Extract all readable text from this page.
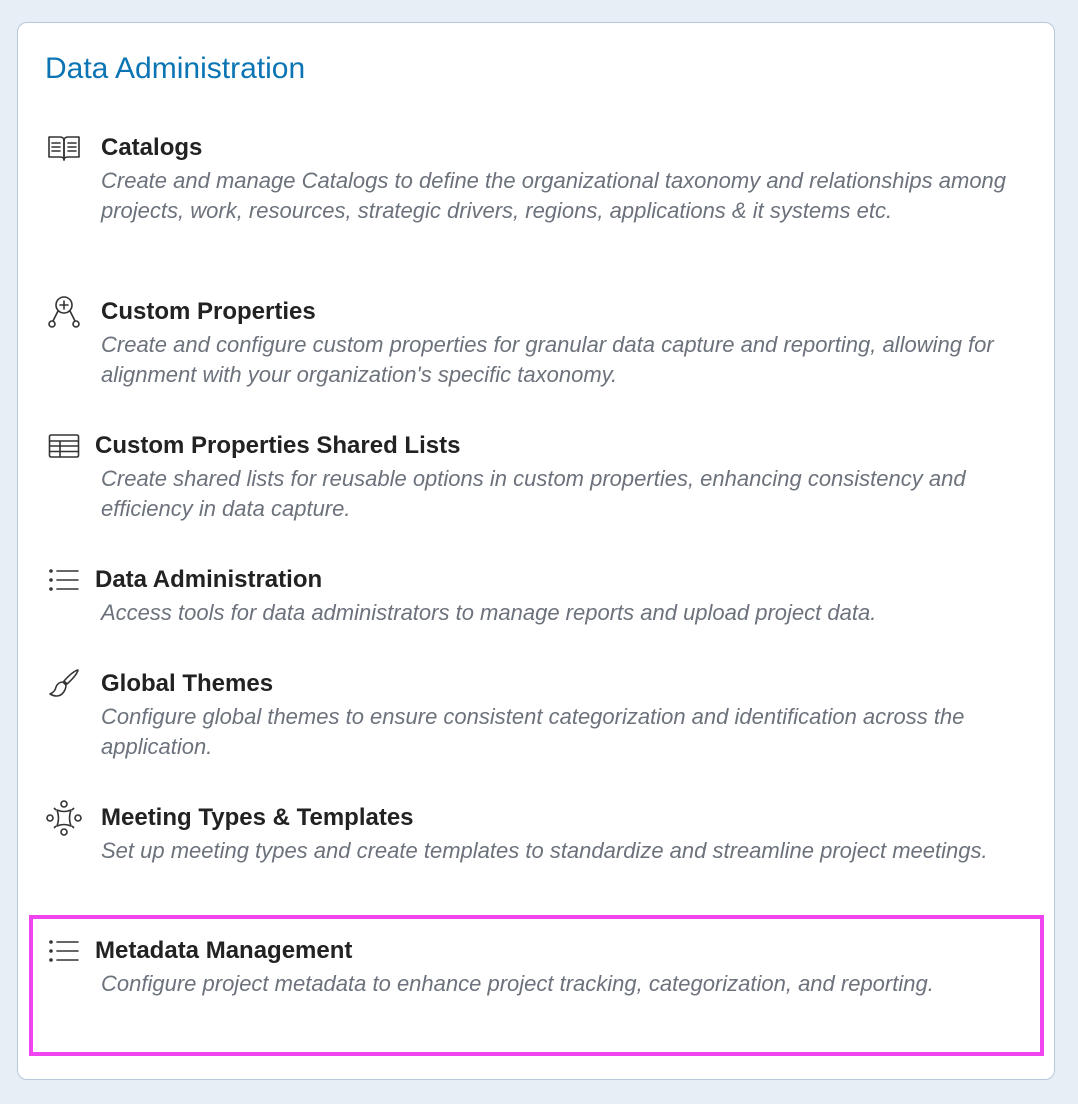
Data Administration
Catalogs
Create and manage Catalogs to define the organizational taxonomy and relationships among projects, work, resources, strategic drivers, regions, applications & it systems etc.
Custom Properties
Create and configure custom properties for granular data capture and reporting, allowing for alignment with your organization's specific taxonomy.
Custom Properties Shared Lists
Create shared lists for reusable options in custom properties, enhancing consistency and efficiency in data capture.
Data Administration
Access tools for data administrators to manage reports and upload project data.
Global Themes
Configure global themes to ensure consistent categorization and identification across the application.
Meeting Types & Templates
Set up meeting types and create templates to standardize and streamline project meetings.
Metadata Management
Configure project metadata to enhance project tracking, categorization, and reporting.
